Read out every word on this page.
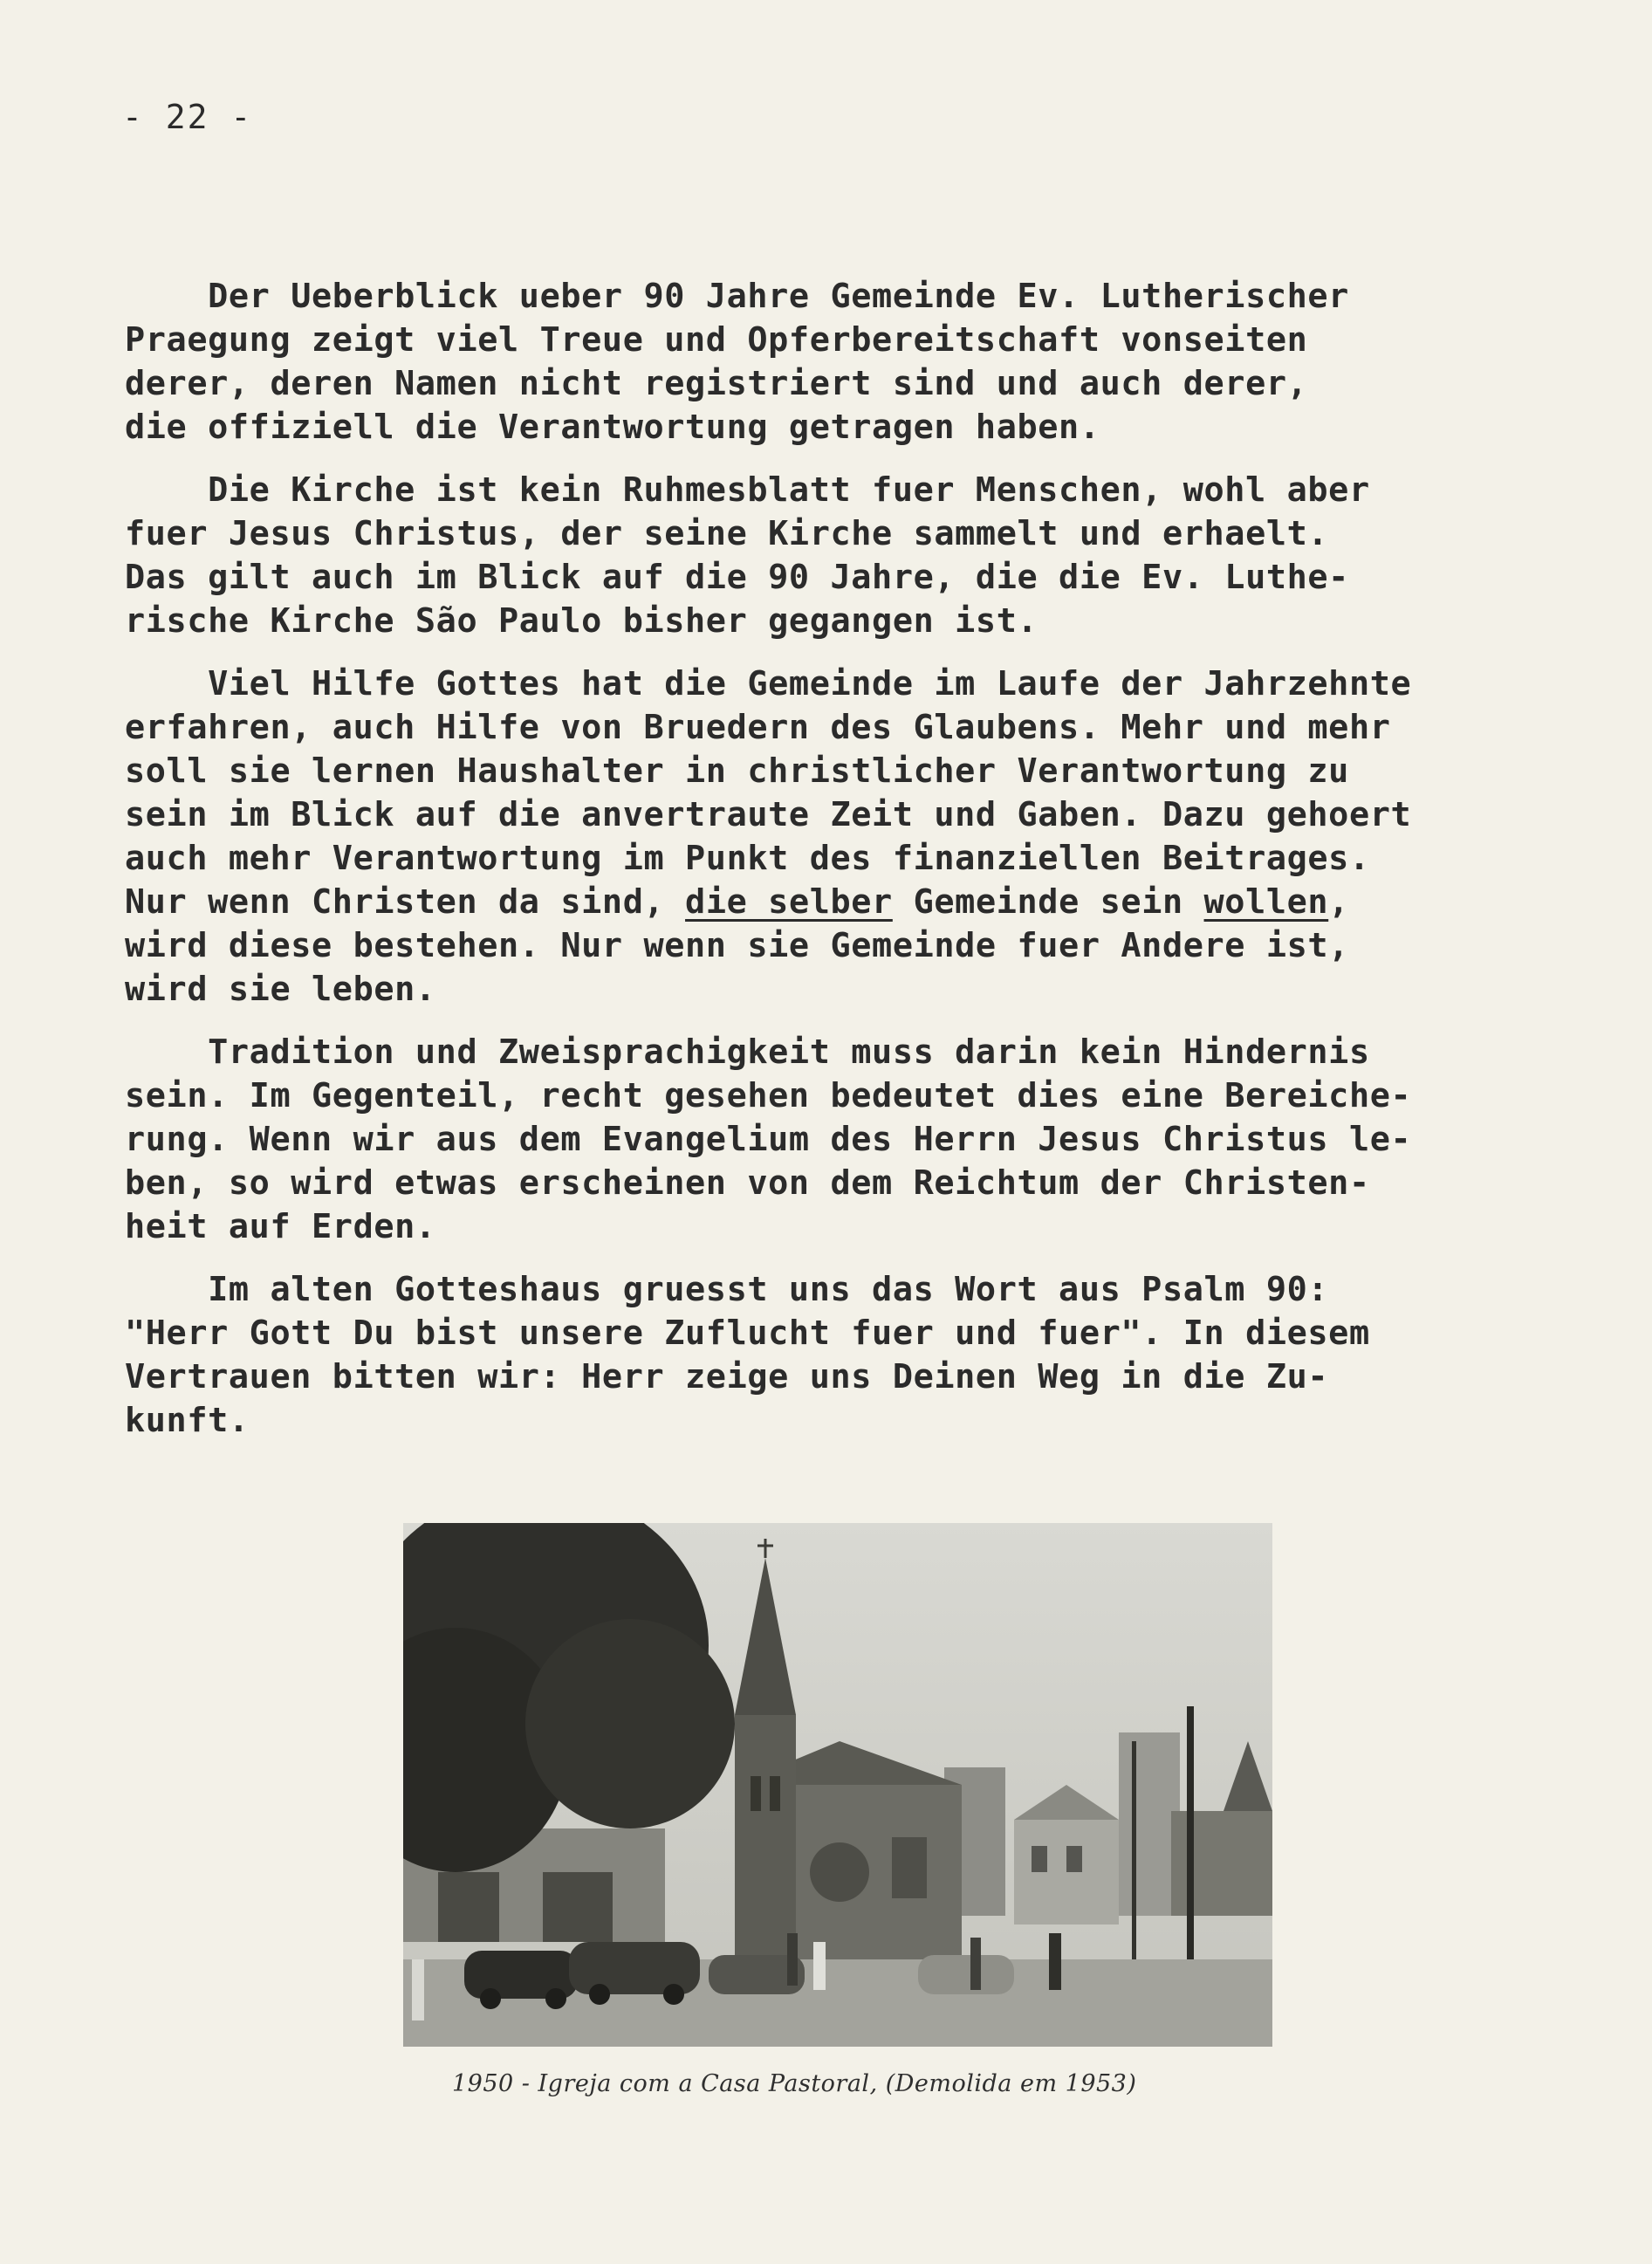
- 22 -
Der Ueberblick ueber 90 Jahre Gemeinde Ev. Lutherischer
Praegung zeigt viel Treue und Opferbereitschaft vonseiten
derer, deren Namen nicht registriert sind und auch derer,
die offiziell die Verantwortung getragen haben.
Die Kirche ist kein Ruhmesblatt fuer Menschen, wohl aber
fuer Jesus Christus, der seine Kirche sammelt und erhaelt.
Das gilt auch im Blick auf die 90 Jahre, die die Ev. Luthe-
rische Kirche São Paulo bisher gegangen ist.
Viel Hilfe Gottes hat die Gemeinde im Laufe der Jahrzehnte
erfahren, auch Hilfe von Bruedern des Glaubens. Mehr und mehr
soll sie lernen Haushalter in christlicher Verantwortung zu
sein im Blick auf die anvertraute Zeit und Gaben. Dazu gehoert
auch mehr Verantwortung im Punkt des finanziellen Beitrages.
Nur wenn Christen da sind, die selber Gemeinde sein wollen,
wird diese bestehen. Nur wenn sie Gemeinde fuer Andere ist,
wird sie leben.
Tradition und Zweisprachigkeit muss darin kein Hindernis
sein. Im Gegenteil, recht gesehen bedeutet dies eine Bereiche-
rung. Wenn wir aus dem Evangelium des Herrn Jesus Christus le-
ben, so wird etwas erscheinen von dem Reichtum der Christen-
heit auf Erden.
Im alten Gotteshaus gruesst uns das Wort aus Psalm 90:
"Herr Gott Du bist unsere Zuflucht fuer und fuer". In diesem
Vertrauen bitten wir: Herr zeige uns Deinen Weg in die Zu-
kunft.
1950 - Igreja com a Casa Pastoral, (Demolida em 1953)
